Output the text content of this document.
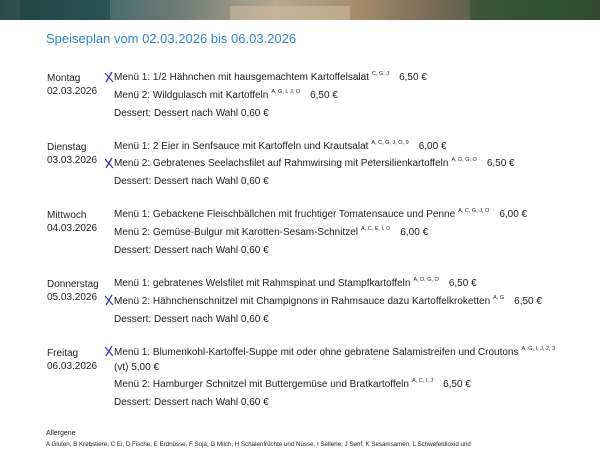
Speiseplan vom 02.03.2026 bis 06.03.2026
Montag
02.03.2026
Menü 1: 1/2 Hähnchen mit hausgemachtem Kartoffelsalat $^{C, G, J}$ 6,50 €
Menü 2: Wildgulasch mit Kartoffeln $^{A, G, I, J, O}$ 6,50 €
Dessert: Dessert nach Wahl 0,60 €
Dienstag
03.03.2026
Menü 1: 2 Eier in Senfsauce mit Kartoffeln und Krautsalat $^{A, C, G, J, O, 9}$ 6,00 €
Menü 2: Gebratenes Seelachsfilet auf Rahmwirsing mit Petersilienkartoffeln $^{A, D, G, O}$ 6,50 €
Dessert: Dessert nach Wahl 0,60 €
Mittwoch
04.03.2026
Menü 1: Gebackene Fleischbällchen mit fruchtiger Tomatensauce und Penne $^{A, C, G, J, O}$ 6,00 €
Menü 2: Gemüse-Bulgur mit Karotten-Sesam-Schnitzel $^{A, C, E, I, O}$ 6,00 €
Dessert: Dessert nach Wahl 0,60 €
Donnerstag
05.03.2026
Menü 1: gebratenes Welsfilet mit Rahmspinat und Stampfkartoffeln $^{A, D, G, O}$ 6,50 €
Menü 2: Hähnchenschnitzel mit Champignons in Rahmsauce dazu Kartoffelkroketten $^{A, G}$ 6,50 €
Dessert: Dessert nach Wahl 0,60 €
Freitag
06.03.2026
Menü 1: Blumenkohl-Kartoffel-Suppe mit oder ohne gebratene Salamistreifen und Croutons $^{A, G, I, J, 2, 3}$
(vt) 5,00 €
Menü 2: Hamburger Schnitzel mit Buttergemüse und Bratkartoffeln $^{A, C, I, J}$ 6,50 €
Dessert: Dessert nach Wahl 0,60 €
Allergene
A Gluten, B Krebstiere, C Ei, D Fische, E Erdnüsse, F Soja, G Milch, H Schalenfrüchte und Nüsse, I Sellerie, J Senf, K Sesamsamen, L Schwefeldioxid und
